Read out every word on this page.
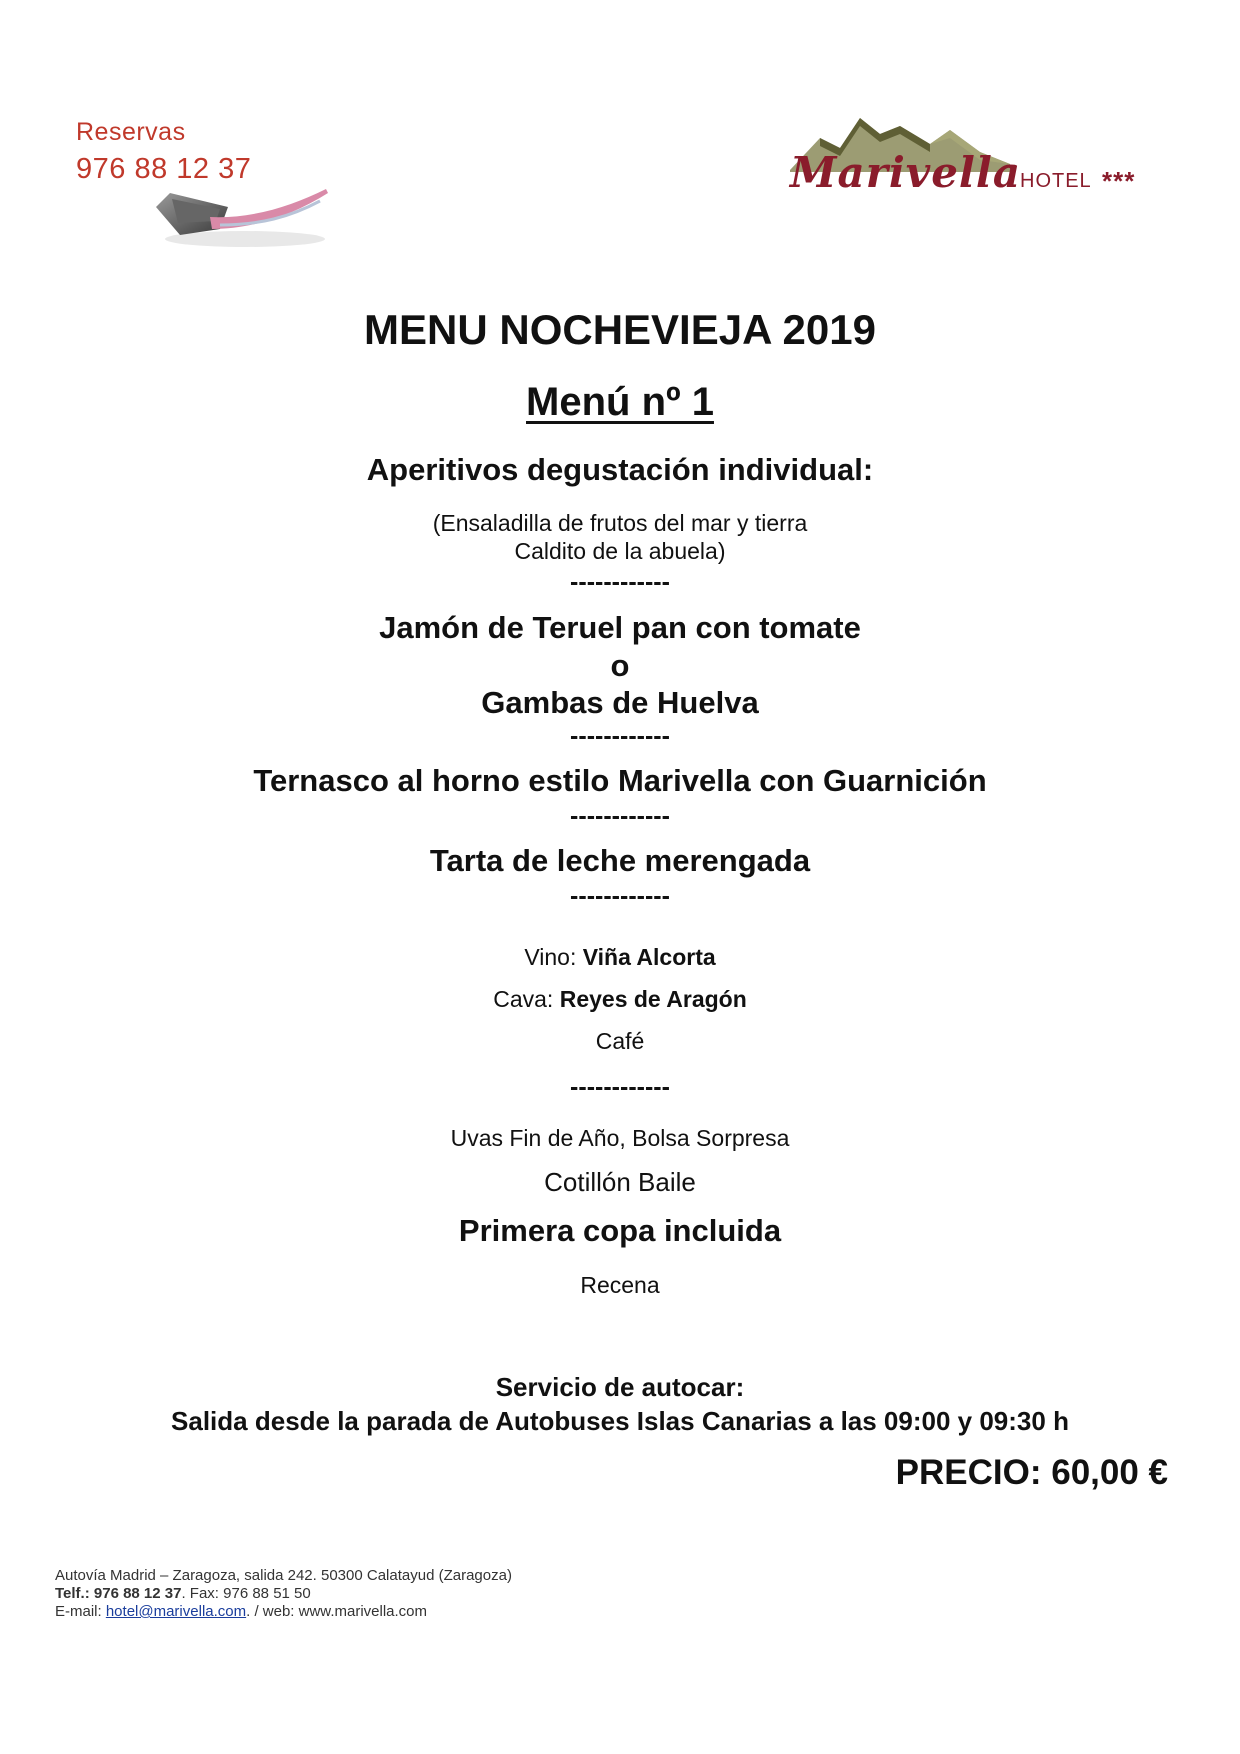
Reservas
976 88 12 37	Marivella
HOTEL ***
MENU NOCHEVIEJA 2019
Menú nº 1
Aperitivos degustación individual:
(Ensaladilla de frutos del mar y tierra
Caldito de la abuela)
------------
Jamón de Teruel pan con tomate
o
Gambas de Huelva
------------
Ternasco al horno estilo Marivella con Guarnición
------------
Tarta de leche merengada
------------
Vino: Viña Alcorta
Cava: Reyes de Aragón
Café
------------
Uvas Fin de Año, Bolsa Sorpresa
Cotillón Baile
Primera copa incluida
Recena
Servicio de autocar:
Salida desde la parada de Autobuses Islas Canarias a las 09:00 y 09:30 h
PRECIO: 60,00 €
Autovía Madrid – Zaragoza, salida 242. 50300 Calatayud (Zaragoza)
Telf.: 976 88 12 37. Fax: 976 88 51 50
E-mail: hotel@marivella.com. / web: www.marivella.com
